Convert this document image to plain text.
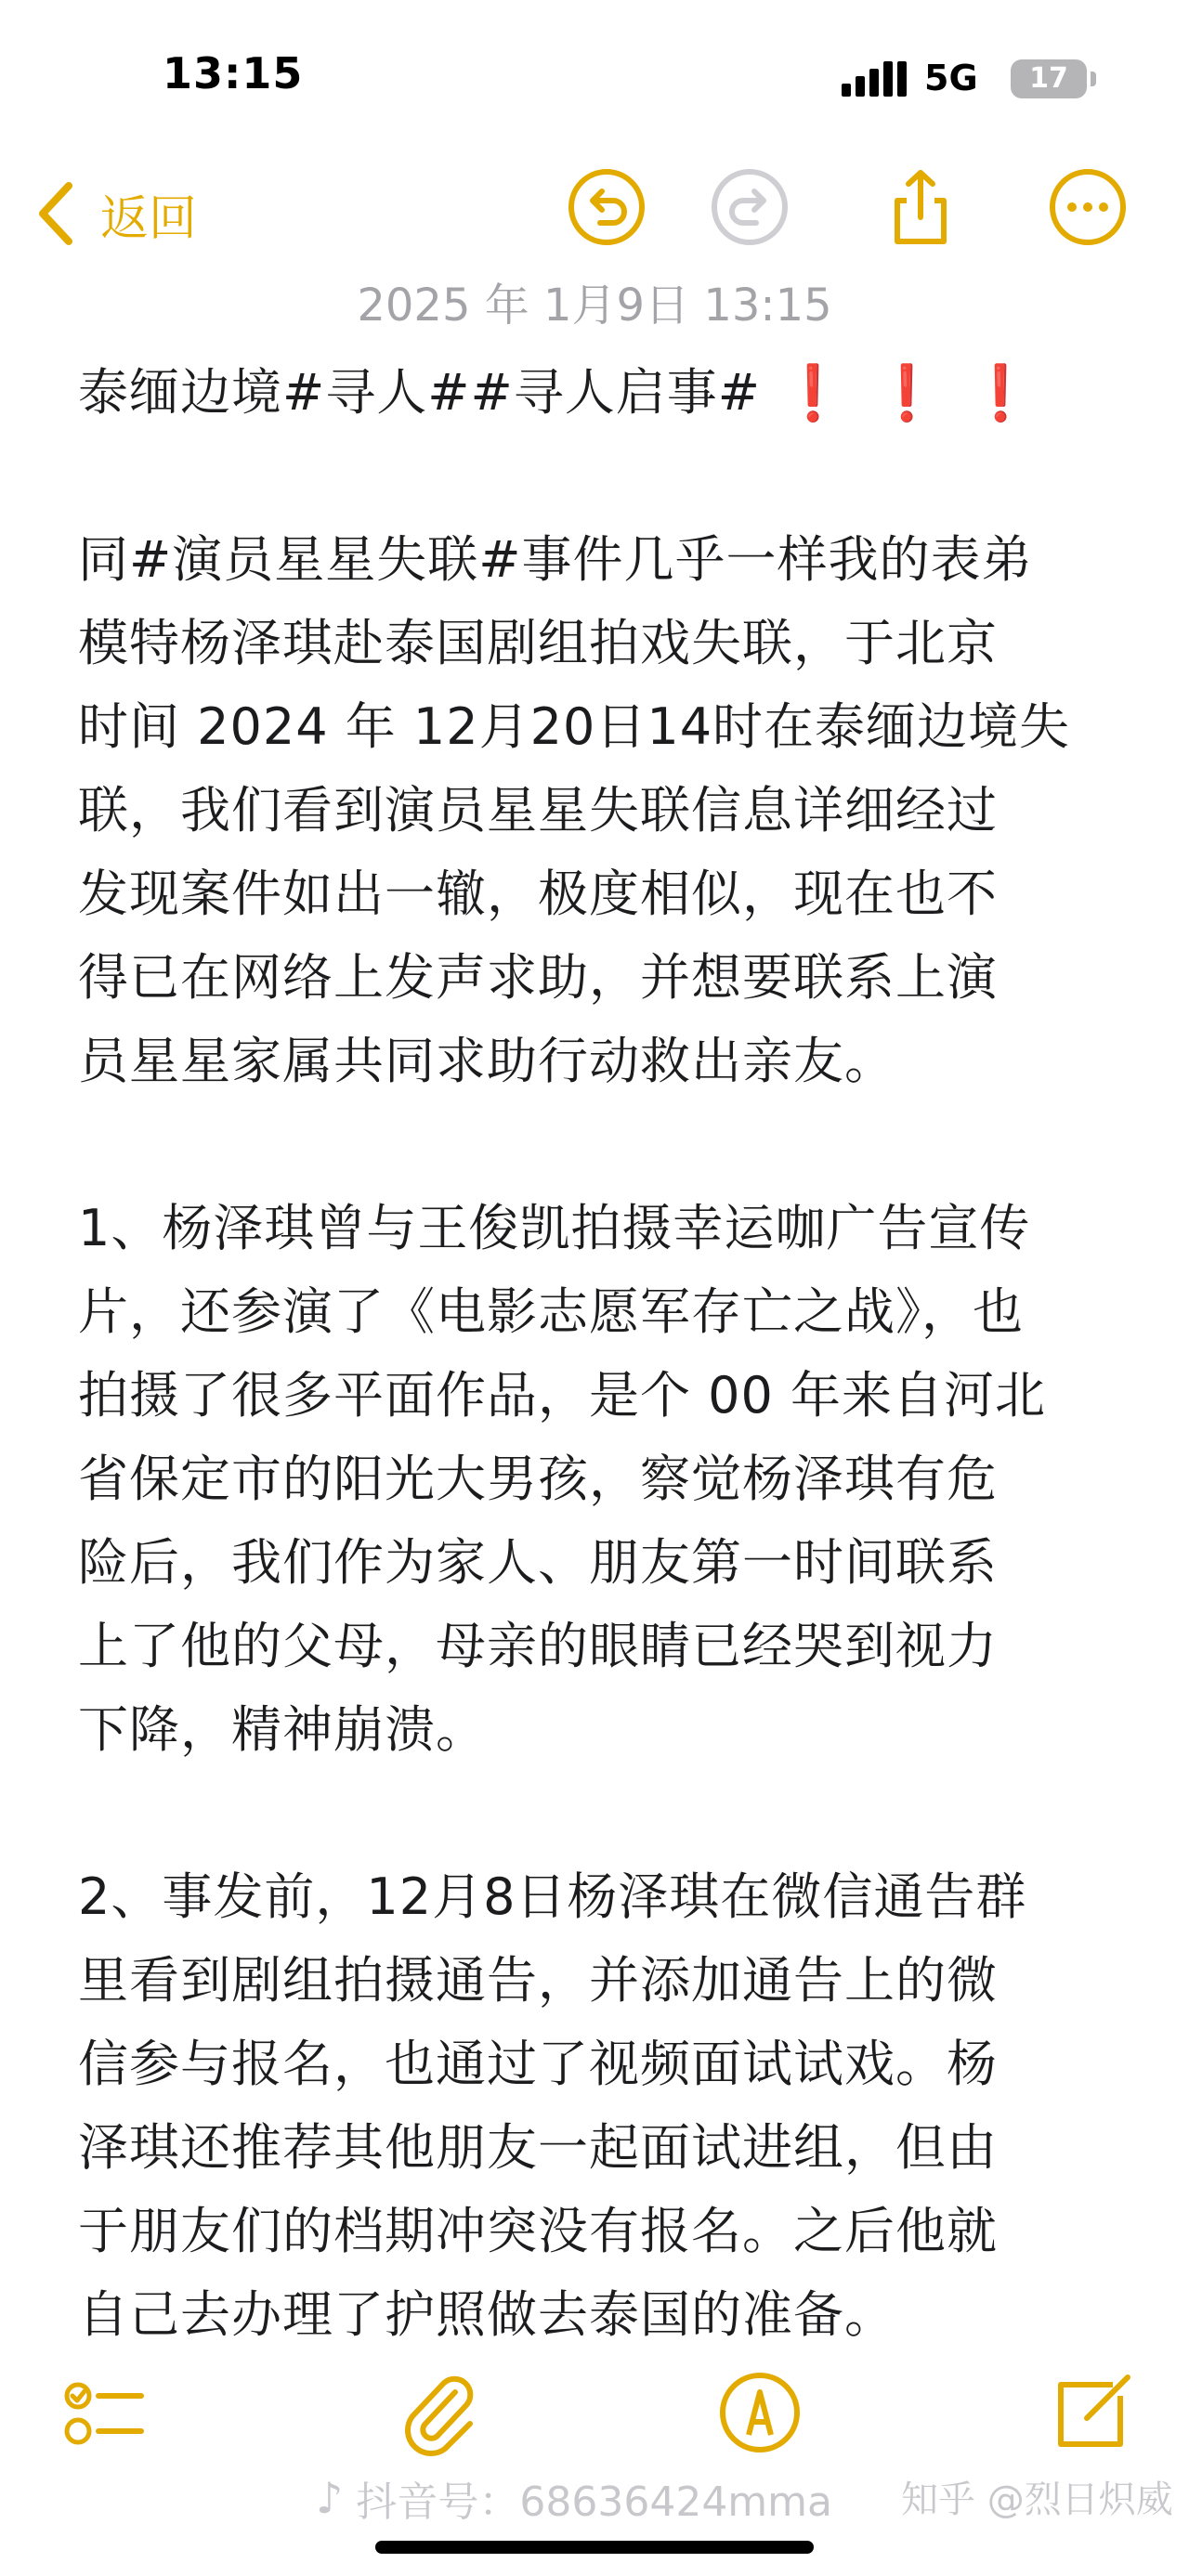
13:15	5G	17
返回
2025 年 1月9日 13:15
泰缅边境#寻人##寻人启事# ❗ ❗ ❗

同#演员星星失联#事件几乎一样我的表弟
模特杨泽琪赴泰国剧组拍戏失联，于北京
时间 2024 年 12月20日14时在泰缅边境失
联，我们看到演员星星失联信息详细经过
发现案件如出一辙，极度相似，现在也不
得已在网络上发声求助，并想要联系上演
员星星家属共同求助行动救出亲友。

1、杨泽琪曾与王俊凯拍摄幸运咖广告宣传
片，还参演了《电影志愿军存亡之战》，也
拍摄了很多平面作品，是个 00 年来自河北
省保定市的阳光大男孩，察觉杨泽琪有危
险后，我们作为家人、朋友第一时间联系
上了他的父母，母亲的眼睛已经哭到视力
下降，精神崩溃。

2、事发前，12月8日杨泽琪在微信通告群
里看到剧组拍摄通告，并添加通告上的微
信参与报名，也通过了视频面试试戏。杨
泽琪还推荐其他朋友一起面试进组，但由
于朋友们的档期冲突没有报名。之后他就
自己去办理了护照做去泰国的准备。

♪ 抖音号：68636424mma 知乎 @烈日炽威
